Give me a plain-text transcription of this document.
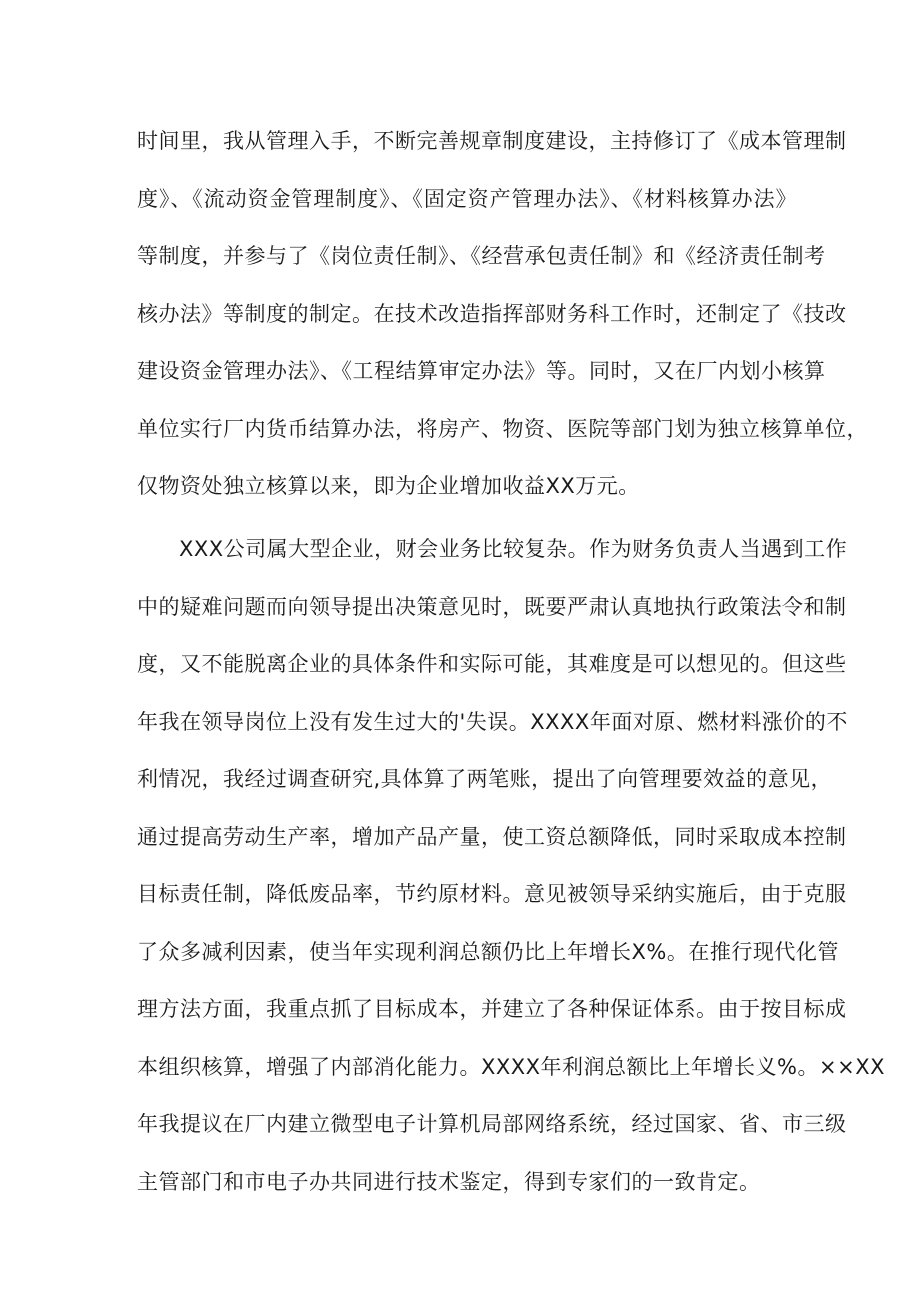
时间里，我从管理入手，不断完善规章制度建设，主持修订了《成本管理制
度》、《流动资金管理制度》、《固定资产管理办法》、《材料核算办法》
等制度，并参与了《岗位责任制》、《经营承包责任制》和《经济责任制考
核办法》等制度的制定。在技术改造指挥部财务科工作时，还制定了《技改
建设资金管理办法》、《工程结算审定办法》等。同时，又在厂内划小核算
单位实行厂内货币结算办法，将房产、物资、医院等部门划为独立核算单位，
仅物资处独立核算以来，即为企业增加收益XX万元。
XXX公司属大型企业，财会业务比较复杂。作为财务负责人当遇到工作
中的疑难问题而向领导提出决策意见时，既要严肃认真地执行政策法令和制
度，又不能脱离企业的具体条件和实际可能，其难度是可以想见的。但这些
年我在领导岗位上没有发生过大的'失误。XXXX年面对原、燃材料涨价的不
利情况，我经过调查研究,具体算了两笔账，提出了向管理要效益的意见，
通过提高劳动生产率，增加产品产量，使工资总额降低，同时采取成本控制
目标责任制，降低废品率，节约原材料。意见被领导采纳实施后，由于克服
了众多减利因素，使当年实现利润总额仍比上年增长X%。在推行现代化管
理方法方面，我重点抓了目标成本，并建立了各种保证体系。由于按目标成
本组织核算，增强了内部消化能力。XXXX年利润总额比上年增长义%。××XX
年我提议在厂内建立微型电子计算机局部网络系统，经过国家、省、市三级
主管部门和市电子办共同进行技术鉴定，得到专家们的一致肯定。
